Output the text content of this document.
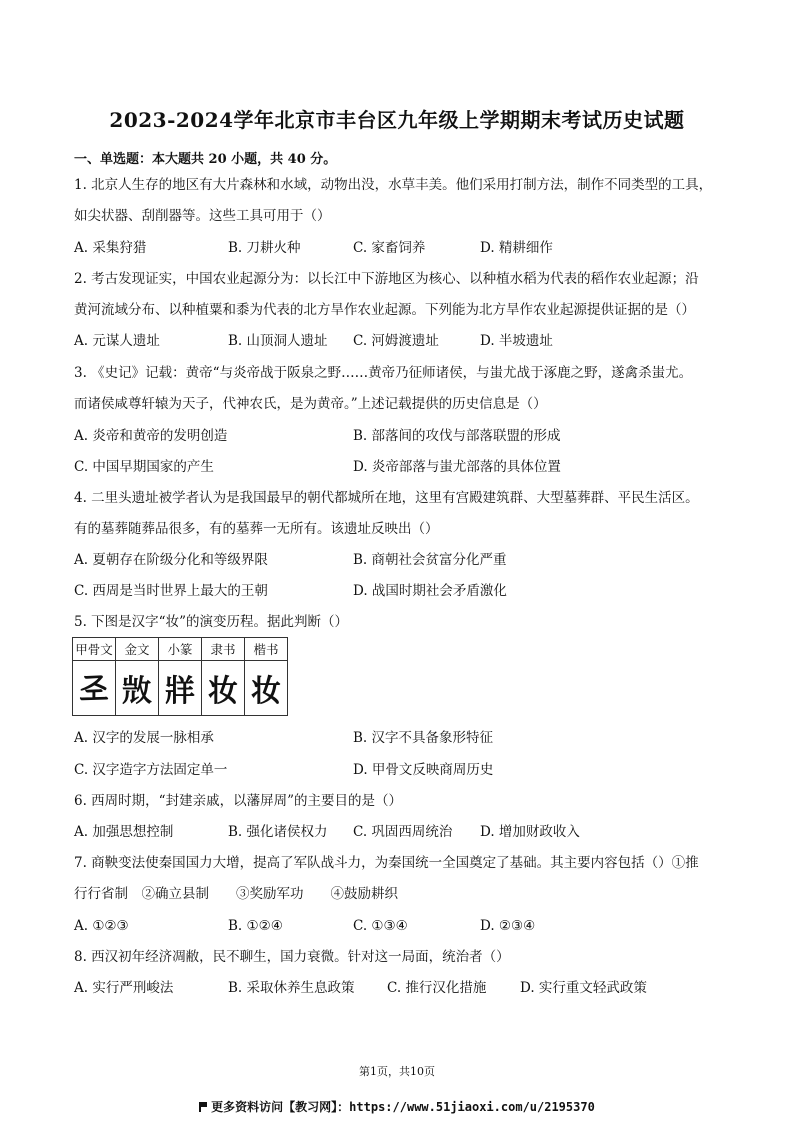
2023-2024学年北京市丰台区九年级上学期期末考试历史试题
一、单选题：本大题共 20 小题，共 40 分。
1. 北京人生存的地区有大片森林和水域，动物出没，水草丰美。他们采用打制方法，制作不同类型的工具，
如尖状器、刮削器等。这些工具可用于（）
A. 采集狩猎	B. 刀耕火种	C. 家畜饲养	D. 精耕细作
2. 考古发现证实，中国农业起源分为：以长江中下游地区为核心、以种植水稻为代表的稻作农业起源；沿
黄河流域分布、以种植粟和黍为代表的北方旱作农业起源。下列能为北方旱作农业起源提供证据的是（）
A. 元谋人遗址	B. 山顶洞人遗址 C. 河姆渡遗址	D. 半坡遗址
3. 《史记》记载：黄帝“与炎帝战于阪泉之野……黄帝乃征师诸侯，与蚩尤战于涿鹿之野，遂禽杀蚩尤。
而诸侯咸尊轩辕为天子，代神农氏，是为黄帝。”上述记载提供的历史信息是（）
A. 炎帝和黄帝的发明创造	B. 部落间的攻伐与部落联盟的形成
C. 中国早期国家的产生	D. 炎帝部落与蚩尤部落的具体位置
4. 二里头遗址被学者认为是我国最早的朝代都城所在地，这里有宫殿建筑群、大型墓葬群、平民生活区。
有的墓葬随葬品很多，有的墓葬一无所有。该遗址反映出（）
A. 夏朝存在阶级分化和等级界限	B. 商朝社会贫富分化严重
C. 西周是当时世界上最大的王朝	D. 战国时期社会矛盾激化
5. 下图是汉字“妆”的演变历程。据此判断（）
甲骨文	金文	小篆	隶书	楷书
𢀖	𣁋	牂	妆	妆
A. 汉字的发展一脉相承	B. 汉字不具备象形特征
C. 汉字造字方法固定单一	D. 甲骨文反映商周历史
6. 西周时期，“封建亲戚，以藩屏周”的主要目的是（）
A. 加强思想控制	B. 强化诸侯权力 C. 巩固西周统治 D. 增加财政收入
7. 商鞅变法使秦国国力大增，提高了军队战斗力，为秦国统一全国奠定了基础。其主要内容包括（）①推
行行省制　②确立县制　　③奖励军功　　④鼓励耕织
A. ①②③	B. ①②④	C. ①③④	D. ②③④
8. 西汉初年经济凋敝，民不聊生，国力衰微。针对这一局面，统治者（）
A. 实行严刑峻法	B. 采取休养生息政策 C. 推行汉化措施 D. 实行重文轻武政策
第1页，共10页
更多资料访问【教习网】：https://www.51jiaoxi.com/u/2195370
